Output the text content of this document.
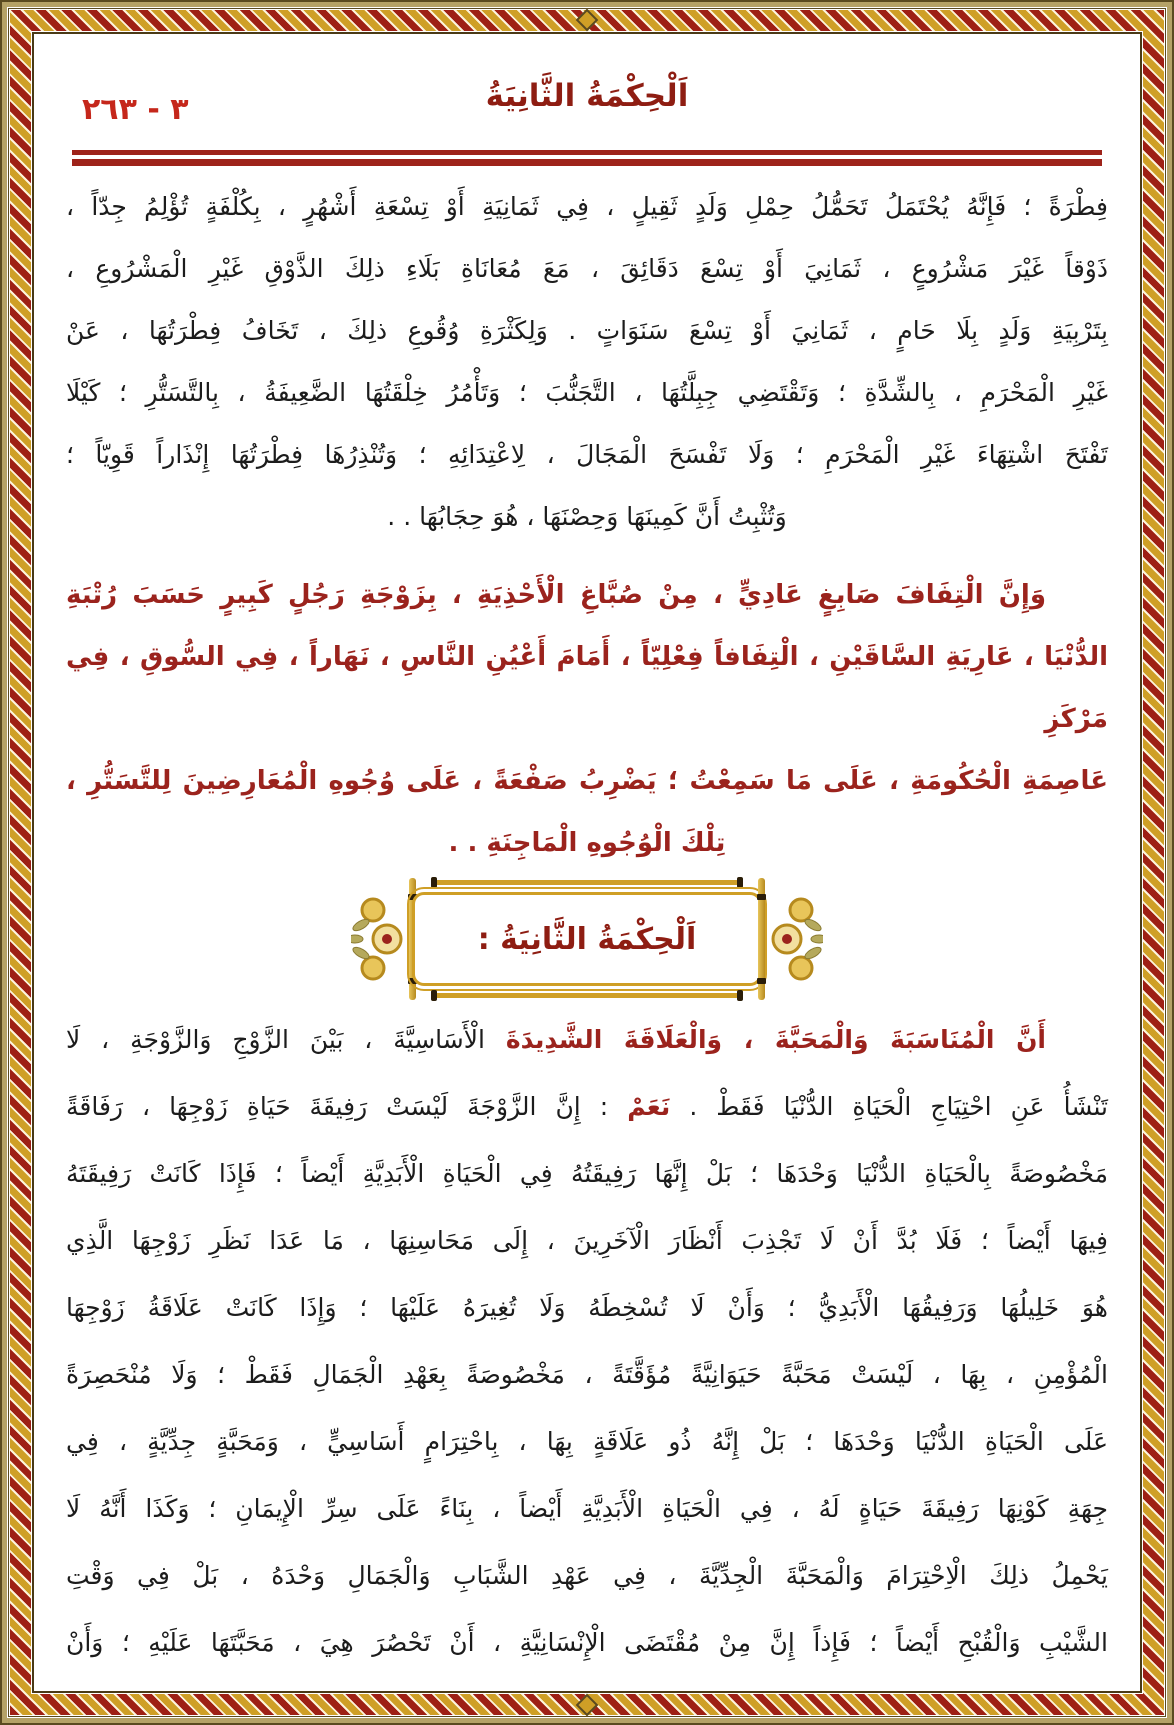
٣ - ٢٦٣	اَلْحِكْمَةُ الثَّانِيَةُ
فِطْرَةً ؛ فَإِنَّهُ يُحْتَمَلُ تَحَمُّلُ حِمْلِ وَلَدٍ ثَقِيلٍ ، فِي ثَمَانِيَةِ أَوْ تِسْعَةِ أَشْهُرٍ ، بِكُلْفَةٍ تُؤْلِمُ جِدّاً ،
ذَوْقاً غَيْرَ مَشْرُوعٍ ، ثَمَانِيَ أَوْ تِسْعَ دَقَائِقَ ، مَعَ مُعَانَاةِ بَلَاءِ ذلِكَ الذَّوْقِ غَيْرِ الْمَشْرُوعِ ،
بِتَرْبِيَةِ وَلَدٍ بِلَا حَامٍ ، ثَمَانِيَ أَوْ تِسْعَ سَنَوَاتٍ . وَلِكَثْرَةِ وُقُوعِ ذلِكَ ، تَخَافُ فِطْرَتُهَا ، عَنْ
غَيْرِ الْمَحْرَمِ ، بِالشِّدَّةِ ؛ وَتَقْتَضِي جِبِلَّتُهَا ، التَّجَنُّبَ ؛ وَتَأْمُرُ خِلْقَتُهَا الضَّعِيفَةُ ، بِالتَّسَتُّرِ ؛ كَيْلَا
تَفْتَحَ اشْتِهَاءَ غَيْرِ الْمَحْرَمِ ؛ وَلَا تَفْسَحَ الْمَجَالَ ، لِاعْتِدَائِهِ ؛ وَتُنْذِرُهَا فِطْرَتُهَا إِنْذَاراً قَوِيّاً ؛
وَتُثْبِتُ أَنَّ كَمِينَهَا وَحِصْنَهَا ، هُوَ حِجَابُهَا . .
وَإِنَّ الْتِفَافَ صَابِغٍ عَادِيٍّ ، مِنْ صُبَّاغِ الْأَحْذِيَةِ ، بِزَوْجَةِ رَجُلٍ كَبِيرٍ حَسَبَ رُتْبَةِ
الدُّنْيَا ، عَارِيَةِ السَّاقَيْنِ ، الْتِفَافاً فِعْلِيّاً ، أَمَامَ أَعْيُنِ النَّاسِ ، نَهَاراً ، فِي السُّوقِ ، فِي مَرْكَزِ
عَاصِمَةِ الْحُكُومَةِ ، عَلَى مَا سَمِعْتُ ؛ يَضْرِبُ صَفْعَةً ، عَلَى وُجُوهِ الْمُعَارِضِينَ لِلتَّسَتُّرِ ،
تِلْكَ الْوُجُوهِ الْمَاجِنَةِ . .
اَلْحِكْمَةُ الثَّانِيَةُ :
أَنَّ الْمُنَاسَبَةَ وَالْمَحَبَّةَ ، وَالْعَلَاقَةَ الشَّدِيدَةَ الْأَسَاسِيَّةَ ، بَيْنَ الزَّوْجِ وَالزَّوْجَةِ ، لَا
تَنْشَأُ عَنِ احْتِيَاجِ الْحَيَاةِ الدُّنْيَا فَقَطْ . نَعَمْ : إِنَّ الزَّوْجَةَ لَيْسَتْ رَفِيقَةَ حَيَاةِ زَوْجِهَا ، رَفَاقَةً
مَخْصُوصَةً بِالْحَيَاةِ الدُّنْيَا وَحْدَهَا ؛ بَلْ إِنَّهَا رَفِيقَتُهُ فِي الْحَيَاةِ الْأَبَدِيَّةِ أَيْضاً ؛ فَإِذَا كَانَتْ رَفِيقَتَهُ
فِيهَا أَيْضاً ؛ فَلَا بُدَّ أَنْ لَا تَجْذِبَ أَنْظَارَ الْآخَرِينَ ، إِلَى مَحَاسِنِهَا ، مَا عَدَا نَظَرِ زَوْجِهَا الَّذِي
هُوَ خَلِيلُهَا وَرَفِيقُهَا الْأَبَدِيُّ ؛ وَأَنْ لَا تُسْخِطَهُ وَلَا تُغِيرَهُ عَلَيْهَا ؛ وَإِذَا كَانَتْ عَلَاقَةُ زَوْجِهَا
الْمُؤْمِنِ ، بِهَا ، لَيْسَتْ مَحَبَّةً حَيَوَانِيَّةً مُؤَقَّتَةً ، مَخْصُوصَةً بِعَهْدِ الْجَمَالِ فَقَطْ ؛ وَلَا مُنْحَصِرَةً
عَلَى الْحَيَاةِ الدُّنْيَا وَحْدَهَا ؛ بَلْ إِنَّهُ ذُو عَلَاقَةٍ بِهَا ، بِاحْتِرَامٍ أَسَاسِيٍّ ، وَمَحَبَّةٍ جِدِّيَّةٍ ، فِي
جِهَةِ كَوْنِهَا رَفِيقَةَ حَيَاةٍ لَهُ ، فِي الْحَيَاةِ الْأَبَدِيَّةِ أَيْضاً ، بِنَاءً عَلَى سِرِّ الْإِيمَانِ ؛ وَكَذَا أَنَّهُ لَا
يَحْمِلُ ذلِكَ الْاِحْتِرَامَ وَالْمَحَبَّةَ الْجِدِّيَّةَ ، فِي عَهْدِ الشَّبَابِ وَالْجَمَالِ وَحْدَهُ ، بَلْ فِي وَقْتِ
الشَّيْبِ وَالْقُبْحِ أَيْضاً ؛ فَإِذاً إِنَّ مِنْ مُقْتَضَى الْإِنْسَانِيَّةِ ، أَنْ تَحْصُرَ هِيَ ، مَحَبَّتَهَا عَلَيْهِ ؛ وَأَنْ
